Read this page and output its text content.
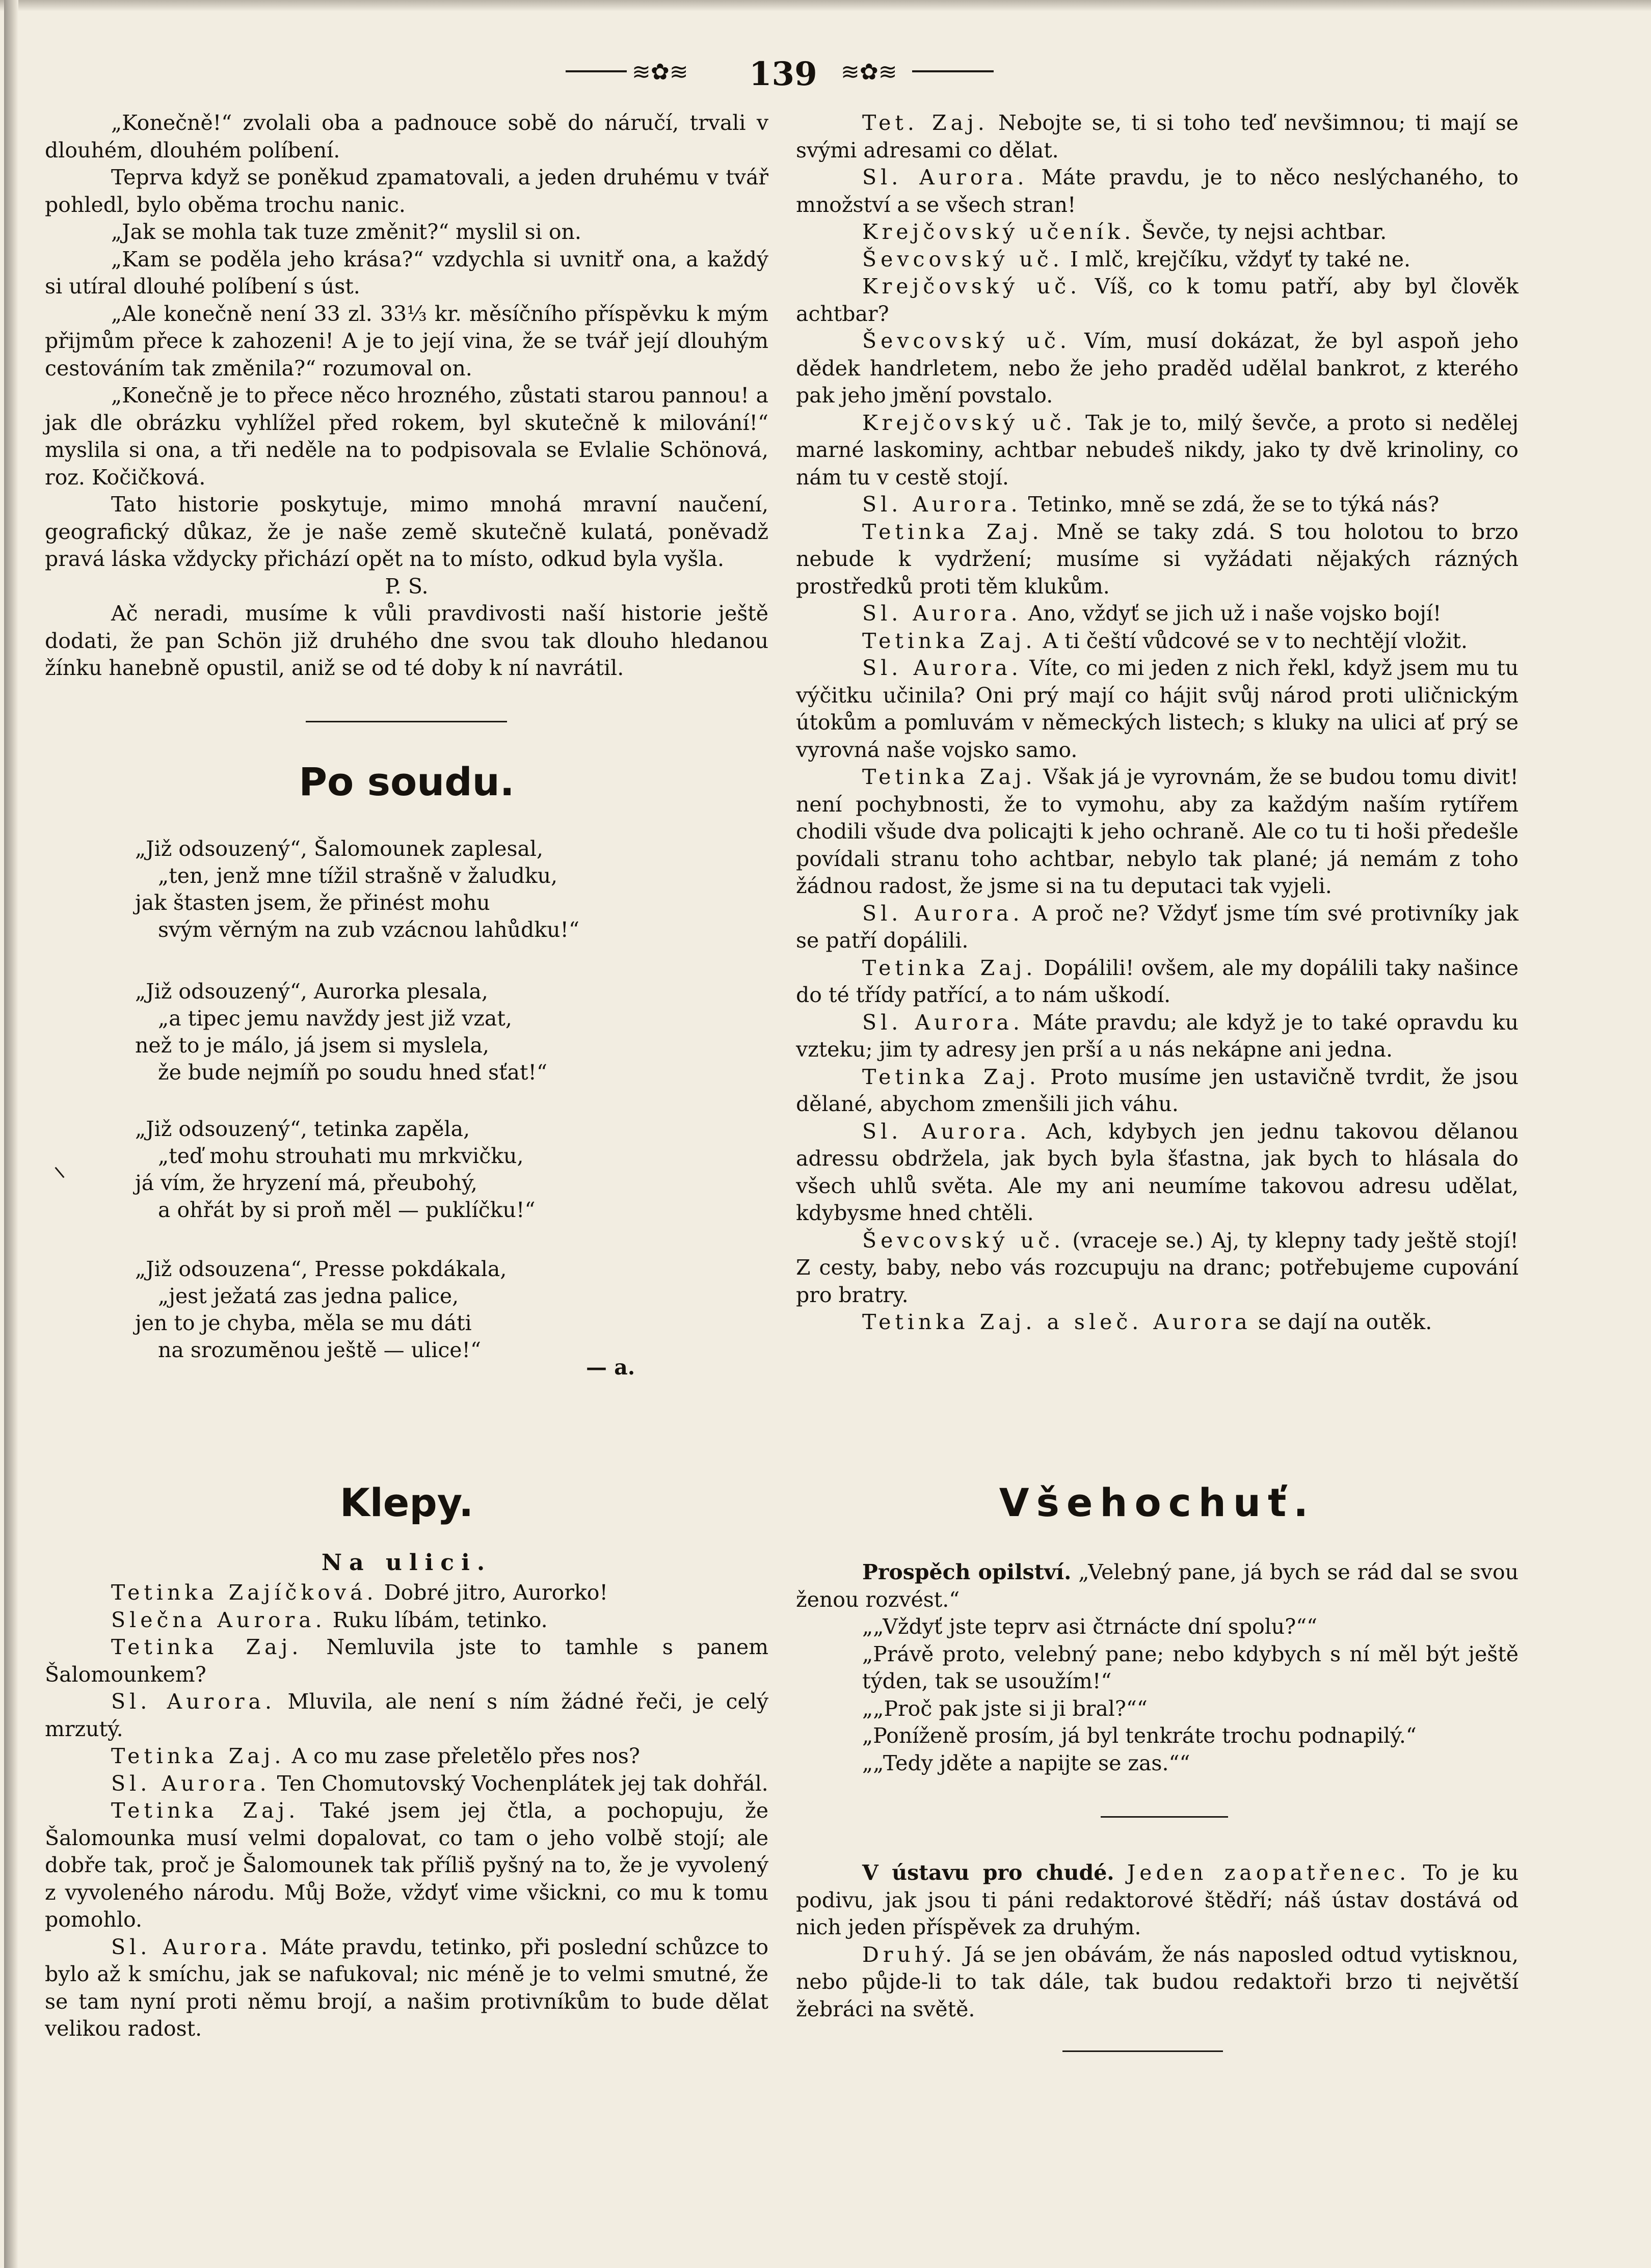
≋✿≋ 139 ≋✿≋

„Konečně!“ zvolali oba a padnouce sobě do náručí, trvali v dlouhém, dlouhém políbení.

Teprva když se poněkud zpamatovali, a jeden druhému v tvář pohledl, bylo oběma trochu nanic.

„Jak se mohla tak tuze změnit?“ myslil si on.

„Kam se poděla jeho krása?“ vzdychla si uvnitř ona, a každý si utíral dlouhé políbení s úst.

„Ale konečně není 33 zl. 33⅓ kr. měsíčního příspěvku k mým přijmům přece k zahozeni! A je to její vina, že se tvář její dlouhým cestováním tak změnila?“ rozumoval on.

„Konečně je to přece něco hrozného, zůstati starou pannou! a jak dle obrázku vyhlížel před rokem, byl skutečně k milování!“ myslila si ona, a tři neděle na to podpisovala se Evlalie Schönová, roz. Kočičková.

Tato historie poskytuje, mimo mnohá mravní naučení, geografický důkaz, že je naše země skutečně kulatá, poněvadž pravá láska vždycky přichází opět na to místo, odkud byla vyšla.

P. S.

Ač neradi, musíme k vůli pravdivosti naší historie ještě dodati, že pan Schön již druhého dne svou tak dlouho hledanou žínku hanebně opustil, aniž se od té doby k ní navrátil.

Po soudu.

„Již odsouzený“, Šalomounek zaplesal,

„ten, jenž mne tížil strašně v žaludku,

jak štasten jsem, že přinést mohu

svým věrným na zub vzácnou lahůdku!“

„Již odsouzený“, Aurorka plesala,

„a tipec jemu navždy jest již vzat,

než to je málo, já jsem si myslela,

že bude nejmíň po soudu hned sťat!“

„Již odsouzený“, tetinka zapěla,

„teď mohu strouhati mu mrkvičku,

já vím, že hryzení má, přeubohý,

a ohřát by si proň měl — puklíčku!“

„Již odsouzena“, Presse pokdákala,

„jest ježatá zas jedna palice,

jen to je chyba, měla se mu dáti

na srozumĕnou ještě — ulice!“

— a.
Klepy.
Na ulici.

Tetinka Zajíčková. Dobré jitro, Aurorko!

Slečna Aurora. Ruku líbám, tetinko.

Tetinka Zaj. Nemluvila jste to tamhle s panem Šalomounkem?

Sl. Aurora. Mluvila, ale není s ním žádné řeči, je celý mrzutý.

Tetinka Zaj. A co mu zase přeletělo přes nos?

Sl. Aurora. Ten Chomutovský Vochenplátek jej tak dohřál.

Tetinka Zaj. Také jsem jej čtla, a pochopuju, že Šalomounka musí velmi dopalovat, co tam o jeho volbě stojí; ale dobře tak, proč je Šalomounek tak příliš pyšný na to, že je vyvolený z vyvoleného národu. Můj Bože, vždyť vime všickni, co mu k tomu pomohlo.

Sl. Aurora. Máte pravdu, tetinko, při poslední schůzce to bylo až k smíchu, jak se nafukoval; nic méně je to velmi smutné, že se tam nyní proti němu brojí, a našim protivníkům to bude dělat velikou radost.

Tet. Zaj. Nebojte se, ti si toho teď nevšimnou; ti mají se svými adresami co dělat.

Sl. Aurora. Máte pravdu, je to něco neslýchaného, to množství a se všech stran!

Krejčovský učeník. Ševče, ty nejsi achtbar.

Ševcovský uč. I mlč, krejčíku, vždyť ty také ne.

Krejčovský uč. Víš, co k tomu patří, aby byl člověk achtbar?

Ševcovský uč. Vím, musí dokázat, že byl aspoň jeho dědek handrletem, nebo že jeho praděd udělal bankrot, z kterého pak jeho jmění povstalo.

Krejčovský uč. Tak je to, milý ševče, a proto si nedělej marné laskominy, achtbar nebudeš nikdy, jako ty dvě krinoliny, co nám tu v cestě stojí.

Sl. Aurora. Tetinko, mně se zdá, že se to týká nás?

Tetinka Zaj. Mně se taky zdá. S tou holotou to brzo nebude k vydržení; musíme si vyžádati nějakých rázných prostředků proti těm klukům.

Sl. Aurora. Ano, vždyť se jich už i naše vojsko bojí!

Tetinka Zaj. A ti čeští vůdcové se v to nechtějí vložit.

Sl. Aurora. Víte, co mi jeden z nich řekl, když jsem mu tu výčitku učinila? Oni prý mají co hájit svůj národ proti uličnickým útokům a pomluvám v německých listech; s kluky na ulici ať prý se vyrovná naše vojsko samo.

Tetinka Zaj. Však já je vyrovnám, že se budou tomu divit! není pochybnosti, že to vymohu, aby za každým naším rytířem chodili všude dva policajti k jeho ochraně. Ale co tu ti hoši předešle povídali stranu toho achtbar, nebylo tak plané; já nemám z toho žádnou radost, že jsme si na tu deputaci tak vyjeli.

Sl. Aurora. A proč ne? Vždyť jsme tím své protivníky jak se patří dopálili.

Tetinka Zaj. Dopálili! ovšem, ale my dopálili taky našince do té třídy patřící, a to nám uškodí.

Sl. Aurora. Máte pravdu; ale když je to také opravdu ku vzteku; jim ty adresy jen prší a u nás nekápne ani jedna.

Tetinka Zaj. Proto musíme jen ustavičně tvrdit, že jsou dělané, abychom zmenšili jich váhu.

Sl. Aurora. Ach, kdybych jen jednu takovou dělanou adressu obdržela, jak bych byla šťastna, jak bych to hlásala do všech uhlů světa. Ale my ani neumíme takovou adresu udělat, kdybysme hned chtěli.

Ševcovský uč. (vraceje se.) Aj, ty klepny tady ještě stojí! Z cesty, baby, nebo vás rozcupuju na dranc; potřebujeme cupování pro bratry.

Tetinka Zaj. a sleč. Aurora se dají na outěk.

Všehochuť.

Prospěch opilství. „Velebný pane, já bych se rád dal se svou ženou rozvést.“

„„Vždyť jste teprv asi čtrnácte dní spolu?““

„Právě proto, velebný pane; nebo kdybych s ní měl být ještě týden, tak se usoužím!“

„„Proč pak jste si ji bral?““

„Poníženě prosím, já byl tenkráte trochu podnapilý.“

„„Tedy jděte a napijte se zas.““

V ústavu pro chudé. Jeden zaopatřenec. To je ku podivu, jak jsou ti páni redaktorové štědří; náš ústav dostává od nich jeden příspěvek za druhým.

Druhý. Já se jen obávám, že nás naposled odtud vytisknou, nebo půjde-li to tak dále, tak budou redaktoři brzo ti největší žebráci na světě.
